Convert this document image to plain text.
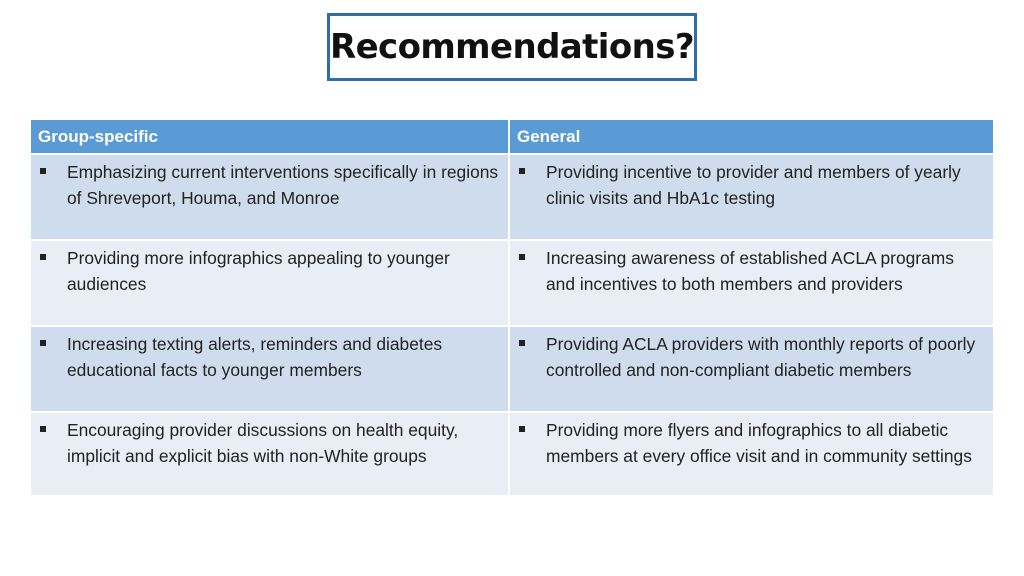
Recommendations?
Group-specific	General

Emphasizing current interventions specifically in regions of Shreveport, Houma, and Monroe	Providing incentive to provider and members of yearly clinic visits and HbA1c testing

Providing more infographics appealing to younger audiences	Increasing awareness of established ACLA programs and incentives to both members and providers

Increasing texting alerts, reminders and diabetes educational facts to younger members	Providing ACLA providers with monthly reports of poorly controlled and non-compliant diabetic members

Encouraging provider discussions on health equity, implicit and explicit bias with non-White groups	Providing more flyers and infographics to all diabetic members at every office visit and in community settings
